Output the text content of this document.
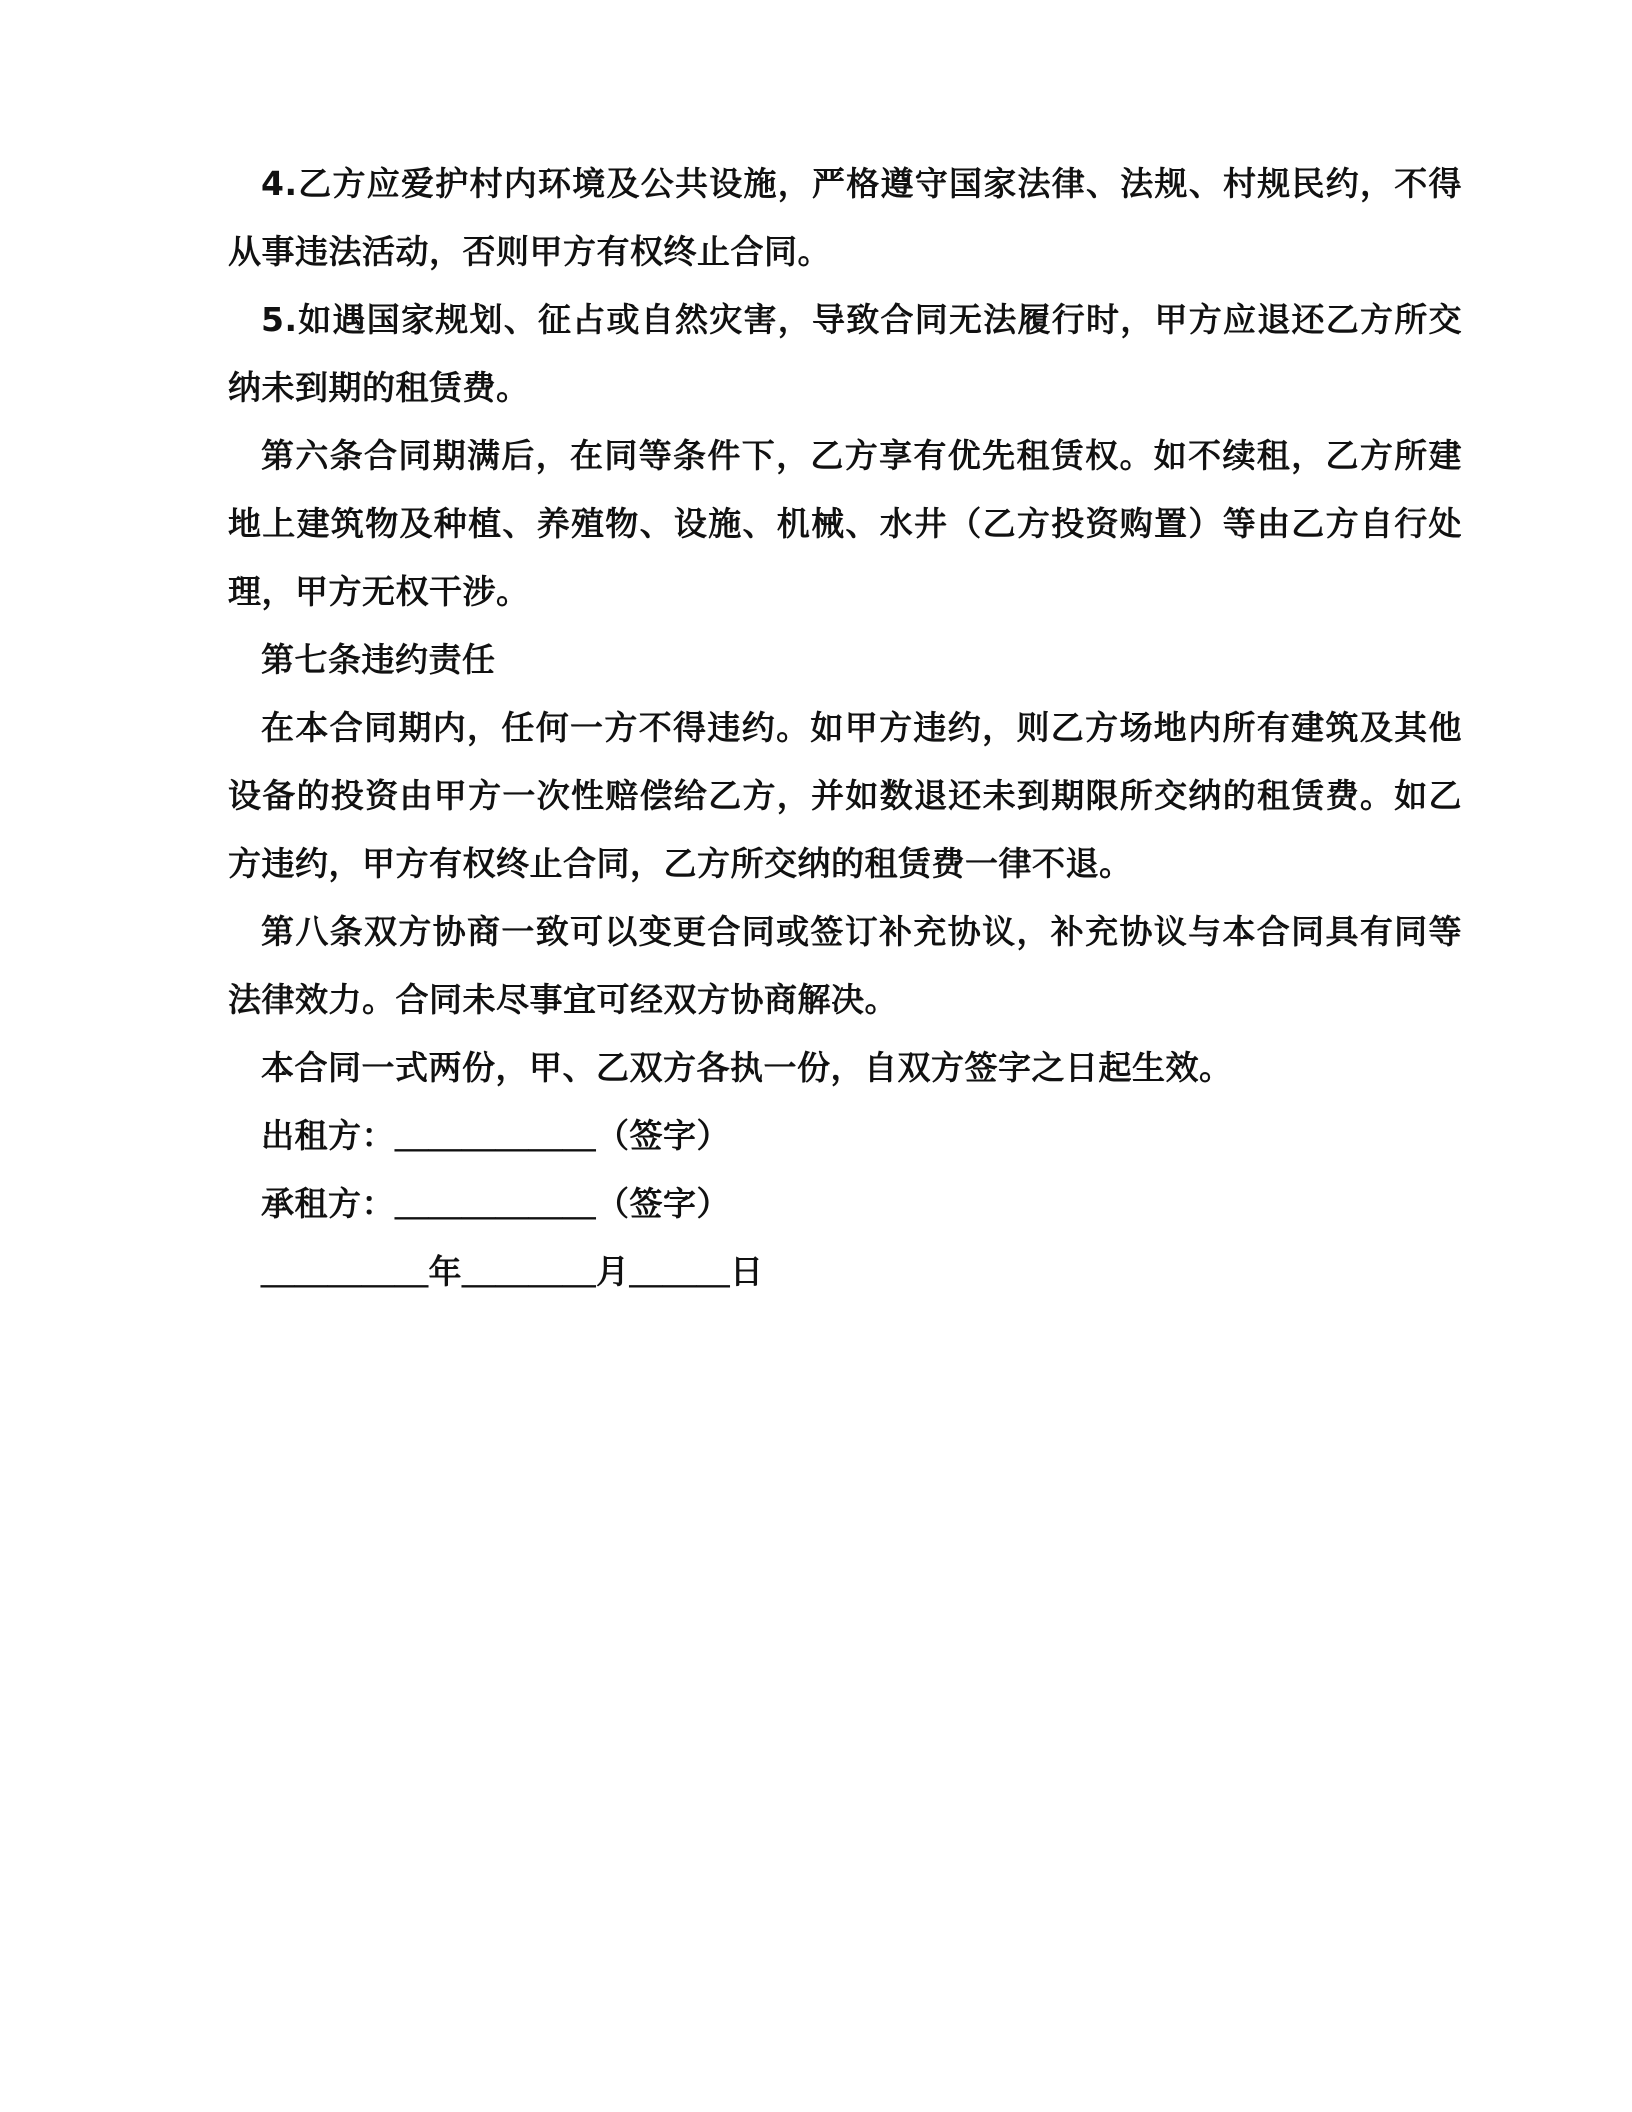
4.乙方应爱护村内环境及公共设施，严格遵守国家法律、法规、村规民约，不得从事违法活动，否则甲方有权终止合同。

5.如遇国家规划、征占或自然灾害，导致合同无法履行时，甲方应退还乙方所交纳未到期的租赁费。

第六条合同期满后，在同等条件下，乙方享有优先租赁权。如不续租，乙方所建地上建筑物及种植、养殖物、设施、机械、水井（乙方投资购置）等由乙方自行处理，甲方无权干涉。

第七条违约责任

在本合同期内，任何一方不得违约。如甲方违约，则乙方场地内所有建筑及其他设备的投资由甲方一次性赔偿给乙方，并如数退还未到期限所交纳的租赁费。如乙方违约，甲方有权终止合同，乙方所交纳的租赁费一律不退。

第八条双方协商一致可以变更合同或签订补充协议，补充协议与本合同具有同等法律效力。合同未尽事宜可经双方协商解决。

本合同一式两份，甲、乙双方各执一份，自双方签字之日起生效。

出租方：＿＿＿＿＿＿（签字）

承租方：＿＿＿＿＿＿（签字）

＿＿＿＿＿年＿＿＿＿月＿＿＿日
